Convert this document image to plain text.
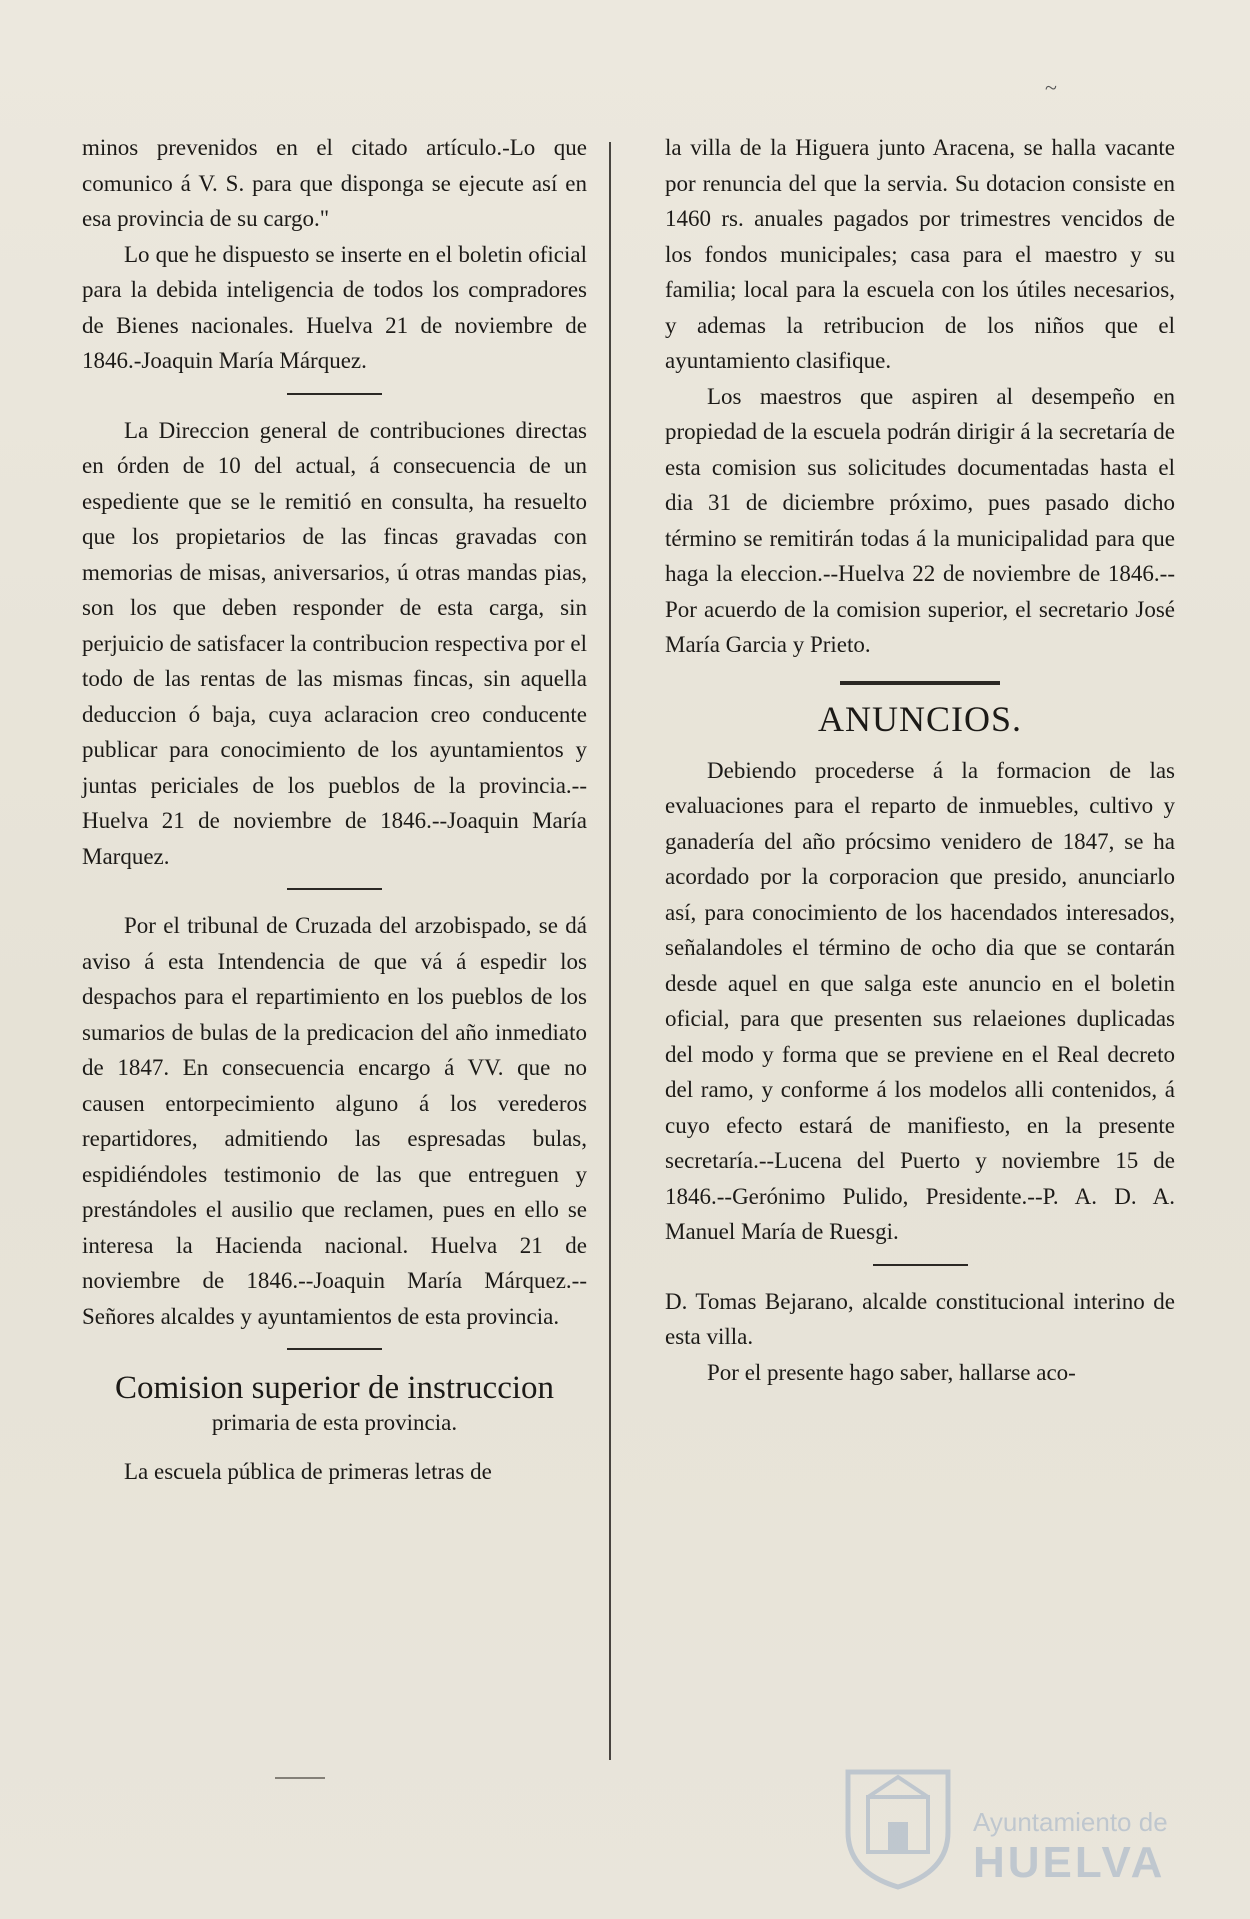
~

minos prevenidos en el citado artículo.-Lo que comunico á V. S. para que disponga se ejecute así en esa provincia de su cargo."

Lo que he dispuesto se inserte en el boletin oficial para la debida inteligencia de todos los compradores de Bienes nacionales. Huelva 21 de noviembre de 1846.-Joaquin María Márquez.

La Direccion general de contribuciones directas en órden de 10 del actual, á consecuencia de un espediente que se le remitió en consulta, ha resuelto que los propietarios de las fincas gravadas con memorias de misas, aniversarios, ú otras mandas pias, son los que deben responder de esta carga, sin perjuicio de satisfacer la contribucion respectiva por el todo de las rentas de las mismas fincas, sin aquella deduccion ó baja, cuya aclaracion creo conducente publicar para conocimiento de los ayuntamientos y juntas periciales de los pueblos de la provincia.--Huelva 21 de noviembre de 1846.--Joaquin María Marquez.

Por el tribunal de Cruzada del arzobispado, se dá aviso á esta Intendencia de que vá á espedir los despachos para el repartimiento en los pueblos de los sumarios de bulas de la predicacion del año inmediato de 1847. En consecuencia encargo á VV. que no causen entorpecimiento alguno á los verederos repartidores, admitiendo las espresadas bulas, espidiéndoles testimonio de las que entreguen y prestándoles el ausilio que reclamen, pues en ello se interesa la Hacienda nacional. Huelva 21 de noviembre de 1846.--Joaquin María Márquez.--Señores alcaldes y ayuntamientos de esta provincia.

Comision superior de instruccion
primaria de esta provincia.

La escuela pública de primeras letras de

la villa de la Higuera junto Aracena, se halla vacante por renuncia del que la servia. Su dotacion consiste en 1460 rs. anuales pagados por trimestres vencidos de los fondos municipales; casa para el maestro y su familia; local para la escuela con los útiles necesarios, y ademas la retribucion de los niños que el ayuntamiento clasifique.

Los maestros que aspiren al desempeño en propiedad de la escuela podrán dirigir á la secretaría de esta comision sus solicitudes documentadas hasta el dia 31 de diciembre próximo, pues pasado dicho término se remitirán todas á la municipalidad para que haga la eleccion.--Huelva 22 de noviembre de 1846.--Por acuerdo de la comision superior, el secretario José María Garcia y Prieto.

ANUNCIOS.

Debiendo procederse á la formacion de las evaluaciones para el reparto de inmuebles, cultivo y ganadería del año prócsimo venidero de 1847, se ha acordado por la corporacion que presido, anunciarlo así, para conocimiento de los hacendados interesados, señalandoles el término de ocho dia que se contarán desde aquel en que salga este anuncio en el boletin oficial, para que presenten sus relaeiones duplicadas del modo y forma que se previene en el Real decreto del ramo, y conforme á los modelos alli contenidos, á cuyo efecto estará de manifiesto, en la presente secretaría.--Lucena del Puerto y noviembre 15 de 1846.--Gerónimo Pulido, Presidente.--P. A. D. A. Manuel María de Ruesgi.

D. Tomas Bejarano, alcalde constitucional interino de esta villa.

Por el presente hago saber, hallarse aco-

Ayuntamiento de
HUELVA
